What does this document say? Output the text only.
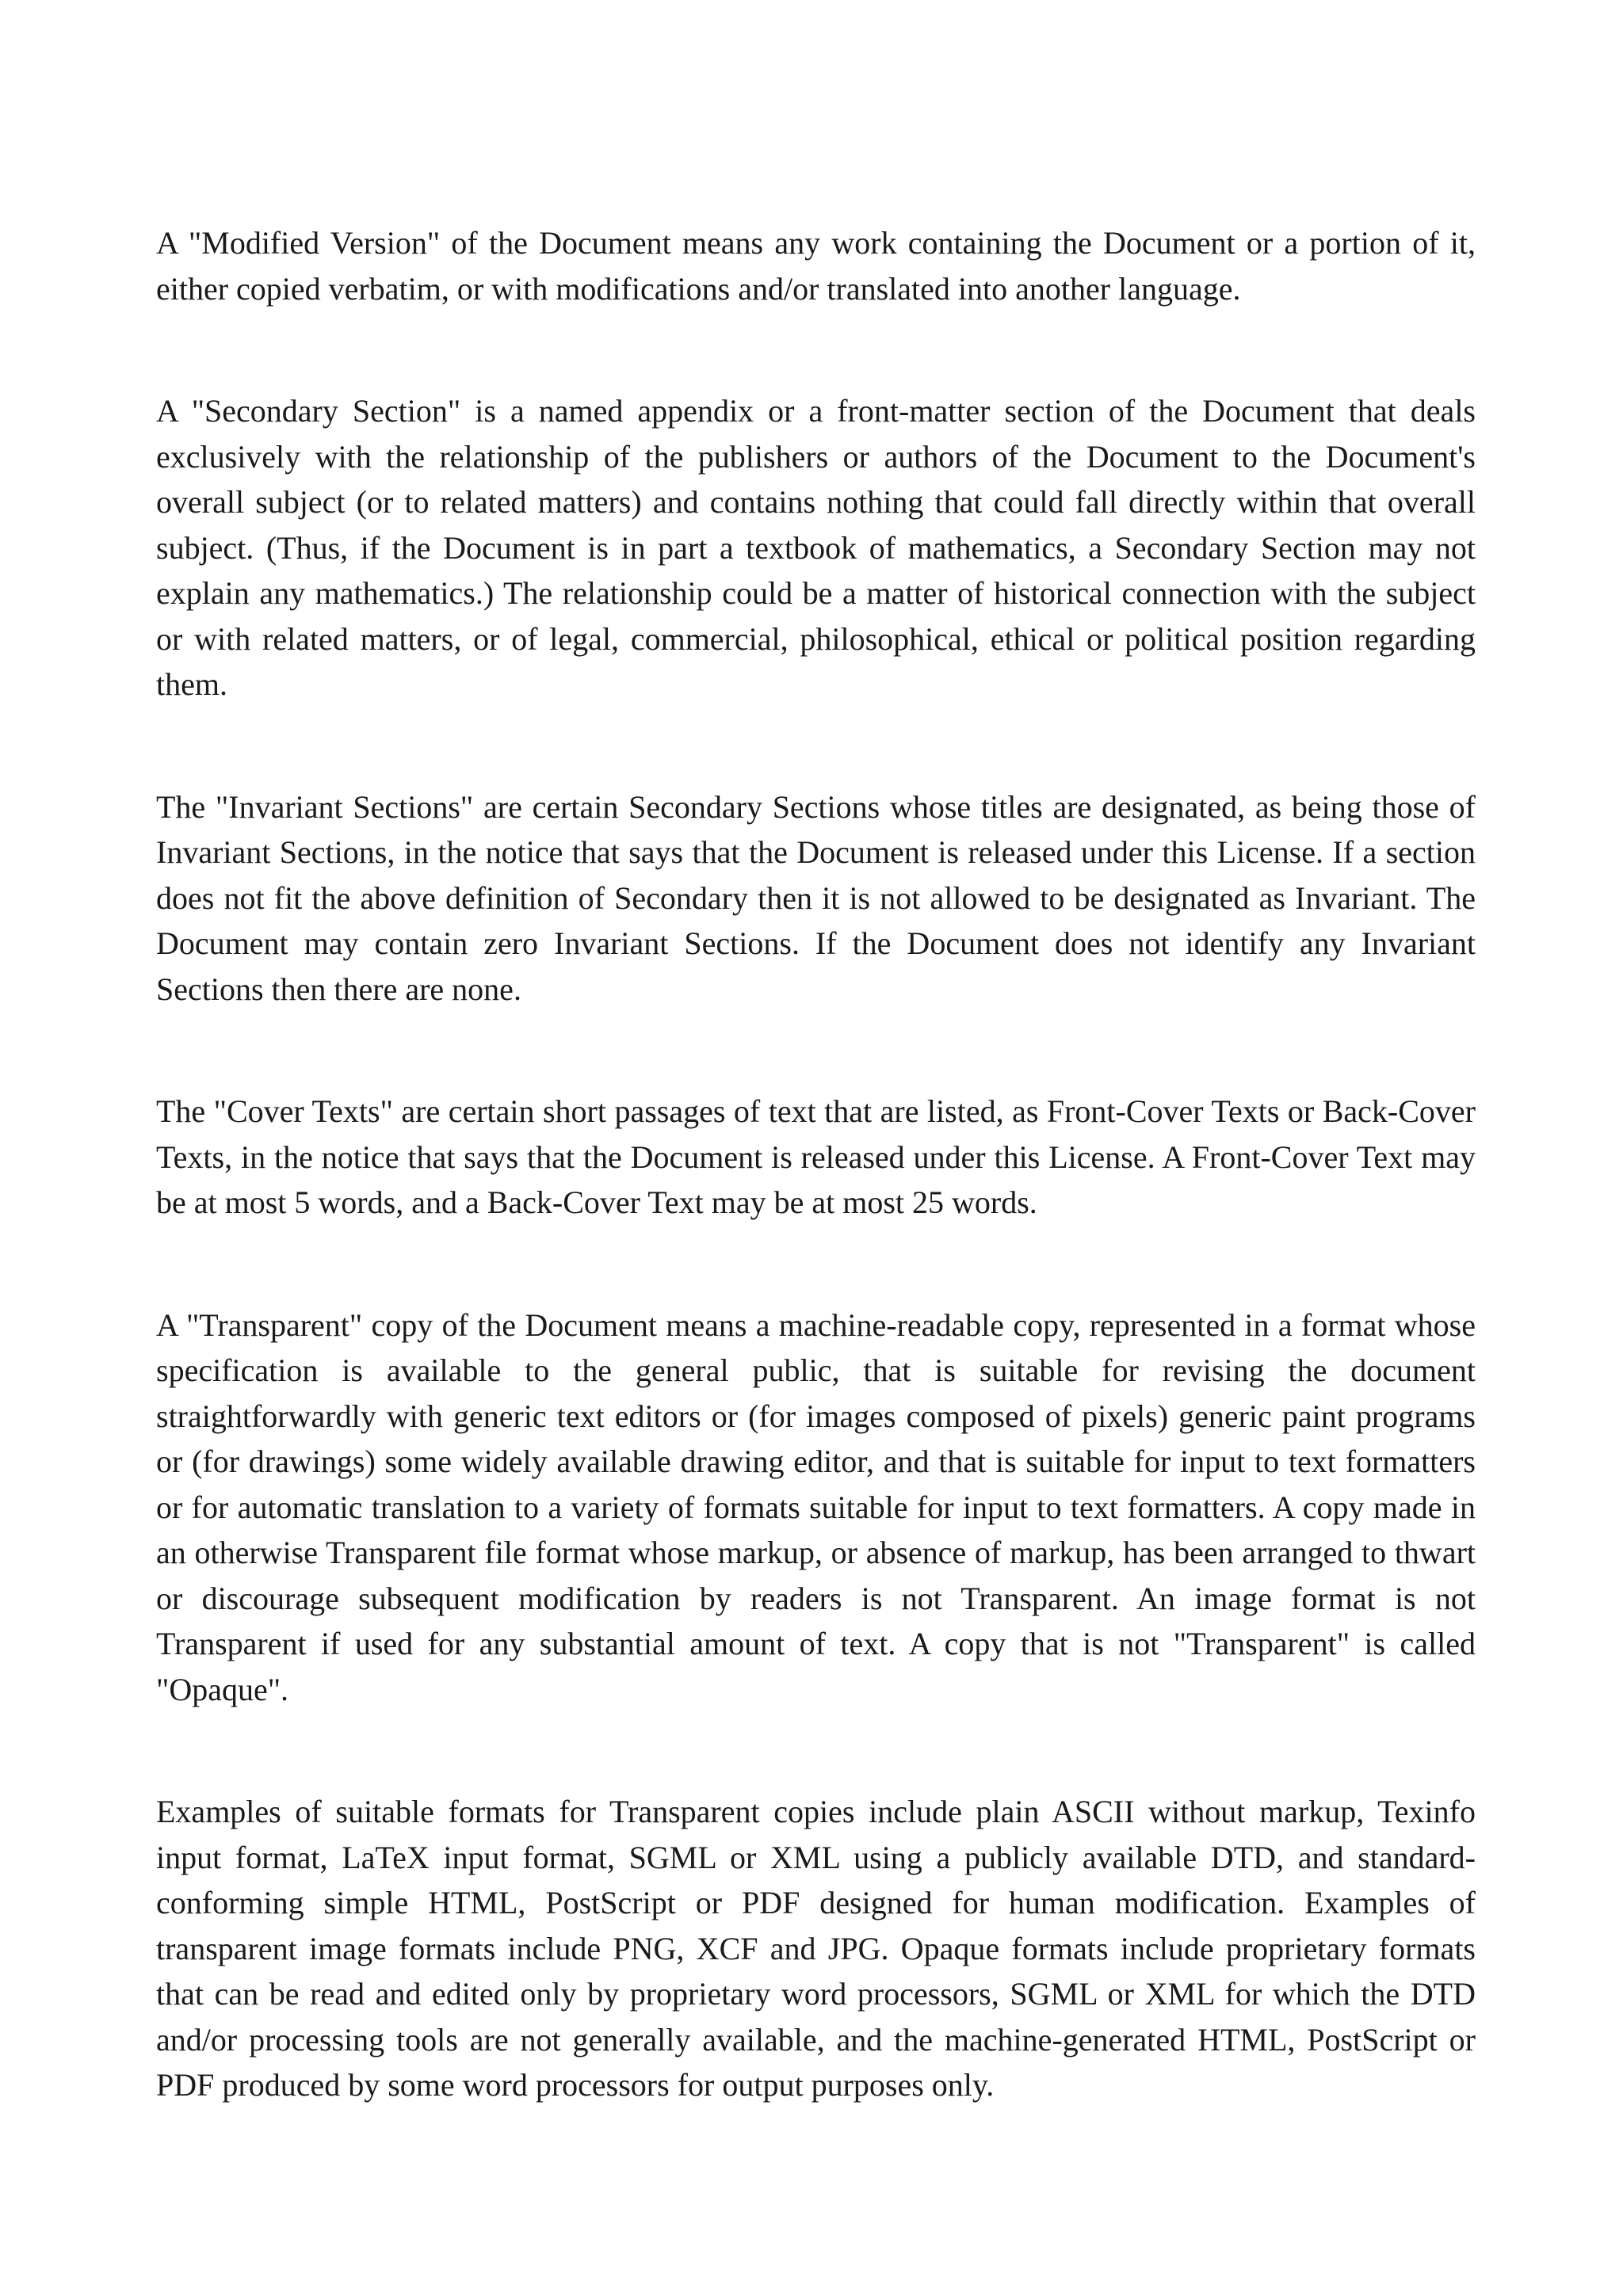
A "Modified Version" of the Document means any work containing the Document or a portion of it, either copied verbatim, or with modifications and/or translated into another language.

A "Secondary Section" is a named appendix or a front-matter section of the Document that deals exclusively with the relationship of the publishers or authors of the Document to the Document's overall subject (or to related matters) and contains nothing that could fall directly within that overall subject. (Thus, if the Document is in part a textbook of mathematics, a Secondary Section may not explain any mathematics.) The relationship could be a matter of historical connection with the subject or with related matters, or of legal, commercial, philosophical, ethical or political position regarding them.

The "Invariant Sections" are certain Secondary Sections whose titles are designated, as being those of Invariant Sections, in the notice that says that the Document is released under this License. If a section does not fit the above definition of Secondary then it is not allowed to be designated as Invariant. The Document may contain zero Invariant Sections. If the Document does not identify any Invariant Sections then there are none.

The "Cover Texts" are certain short passages of text that are listed, as Front-Cover Texts or Back-Cover Texts, in the notice that says that the Document is released under this License. A Front-Cover Text may be at most 5 words, and a Back-Cover Text may be at most 25 words.

A "Transparent" copy of the Document means a machine-readable copy, represented in a format whose specification is available to the general public, that is suitable for revising the document straightforwardly with generic text editors or (for images composed of pixels) generic paint programs or (for drawings) some widely available drawing editor, and that is suitable for input to text formatters or for automatic translation to a variety of formats suitable for input to text formatters. A copy made in an otherwise Transparent file format whose markup, or absence of markup, has been arranged to thwart or discourage subsequent modification by readers is not Transparent. An image format is not Transparent if used for any substantial amount of text. A copy that is not "Transparent" is called "Opaque".

Examples of suitable formats for Transparent copies include plain ASCII without markup, Texinfo input format, LaTeX input format, SGML or XML using a publicly available DTD, and standard-conforming simple HTML, PostScript or PDF designed for human modification. Examples of transparent image formats include PNG, XCF and JPG. Opaque formats include proprietary formats that can be read and edited only by proprietary word processors, SGML or XML for which the DTD and/or processing tools are not generally available, and the machine-generated HTML, PostScript or PDF produced by some word processors for output purposes only.
